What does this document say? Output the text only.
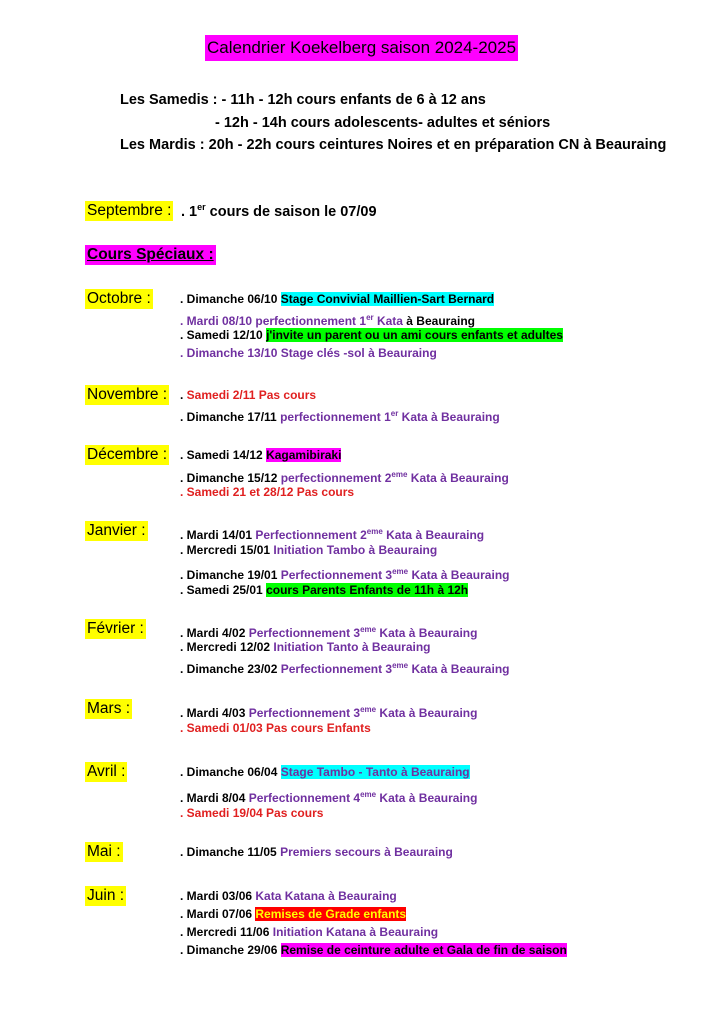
Calendrier Koekelberg saison 2024-2025
Les Samedis : - 11h - 12h cours enfants de 6 à 12 ans
- 12h - 14h cours adolescents- adultes et séniors
Les Mardis : 20h - 22h cours ceintures Noires et en préparation CN à Beauraing
Septembre : . 1er cours de saison le 07/09
Cours Spéciaux :
Octobre : . Dimanche 06/10 Stage Convivial Maillien-Sart Bernard
. Mardi 08/10 perfectionnement 1er Kata à Beauraing
. Samedi 12/10 j'invite un parent ou un ami cours enfants et adultes
. Dimanche 13/10 Stage clés -sol à Beauraing
Novembre : . Samedi 2/11 Pas cours
. Dimanche 17/11 perfectionnement 1er Kata à Beauraing
Décembre : . Samedi 14/12 Kagamibiraki
. Dimanche 15/12 perfectionnement 2eme Kata à Beauraing
. Samedi 21 et 28/12 Pas cours
Janvier :	. Mardi 14/01 Perfectionnement 2eme Kata à Beauraing
. Mercredi 15/01 Initiation Tambo à Beauraing
. Dimanche 19/01 Perfectionnement 3eme Kata à Beauraing
. Samedi 25/01 cours Parents Enfants de 11h à 12h
Février :	. Mardi 4/02 Perfectionnement 3eme Kata à Beauraing
. Mercredi 12/02 Initiation Tanto à Beauraing
. Dimanche 23/02 Perfectionnement 3eme Kata à Beauraing
Mars :	. Mardi 4/03 Perfectionnement 3eme Kata à Beauraing
. Samedi 01/03 Pas cours Enfants
Avril :	. Dimanche 06/04 Stage Tambo - Tanto à Beauraing
. Mardi 8/04 Perfectionnement 4eme Kata à Beauraing
. Samedi 19/04 Pas cours
Mai :	. Dimanche 11/05 Premiers secours à Beauraing
Juin :	. Mardi 03/06 Kata Katana à Beauraing
. Mardi 07/06 Remises de Grade enfants
. Mercredi 11/06 Initiation Katana à Beauraing
. Dimanche 29/06 Remise de ceinture adulte et Gala de fin de saison
